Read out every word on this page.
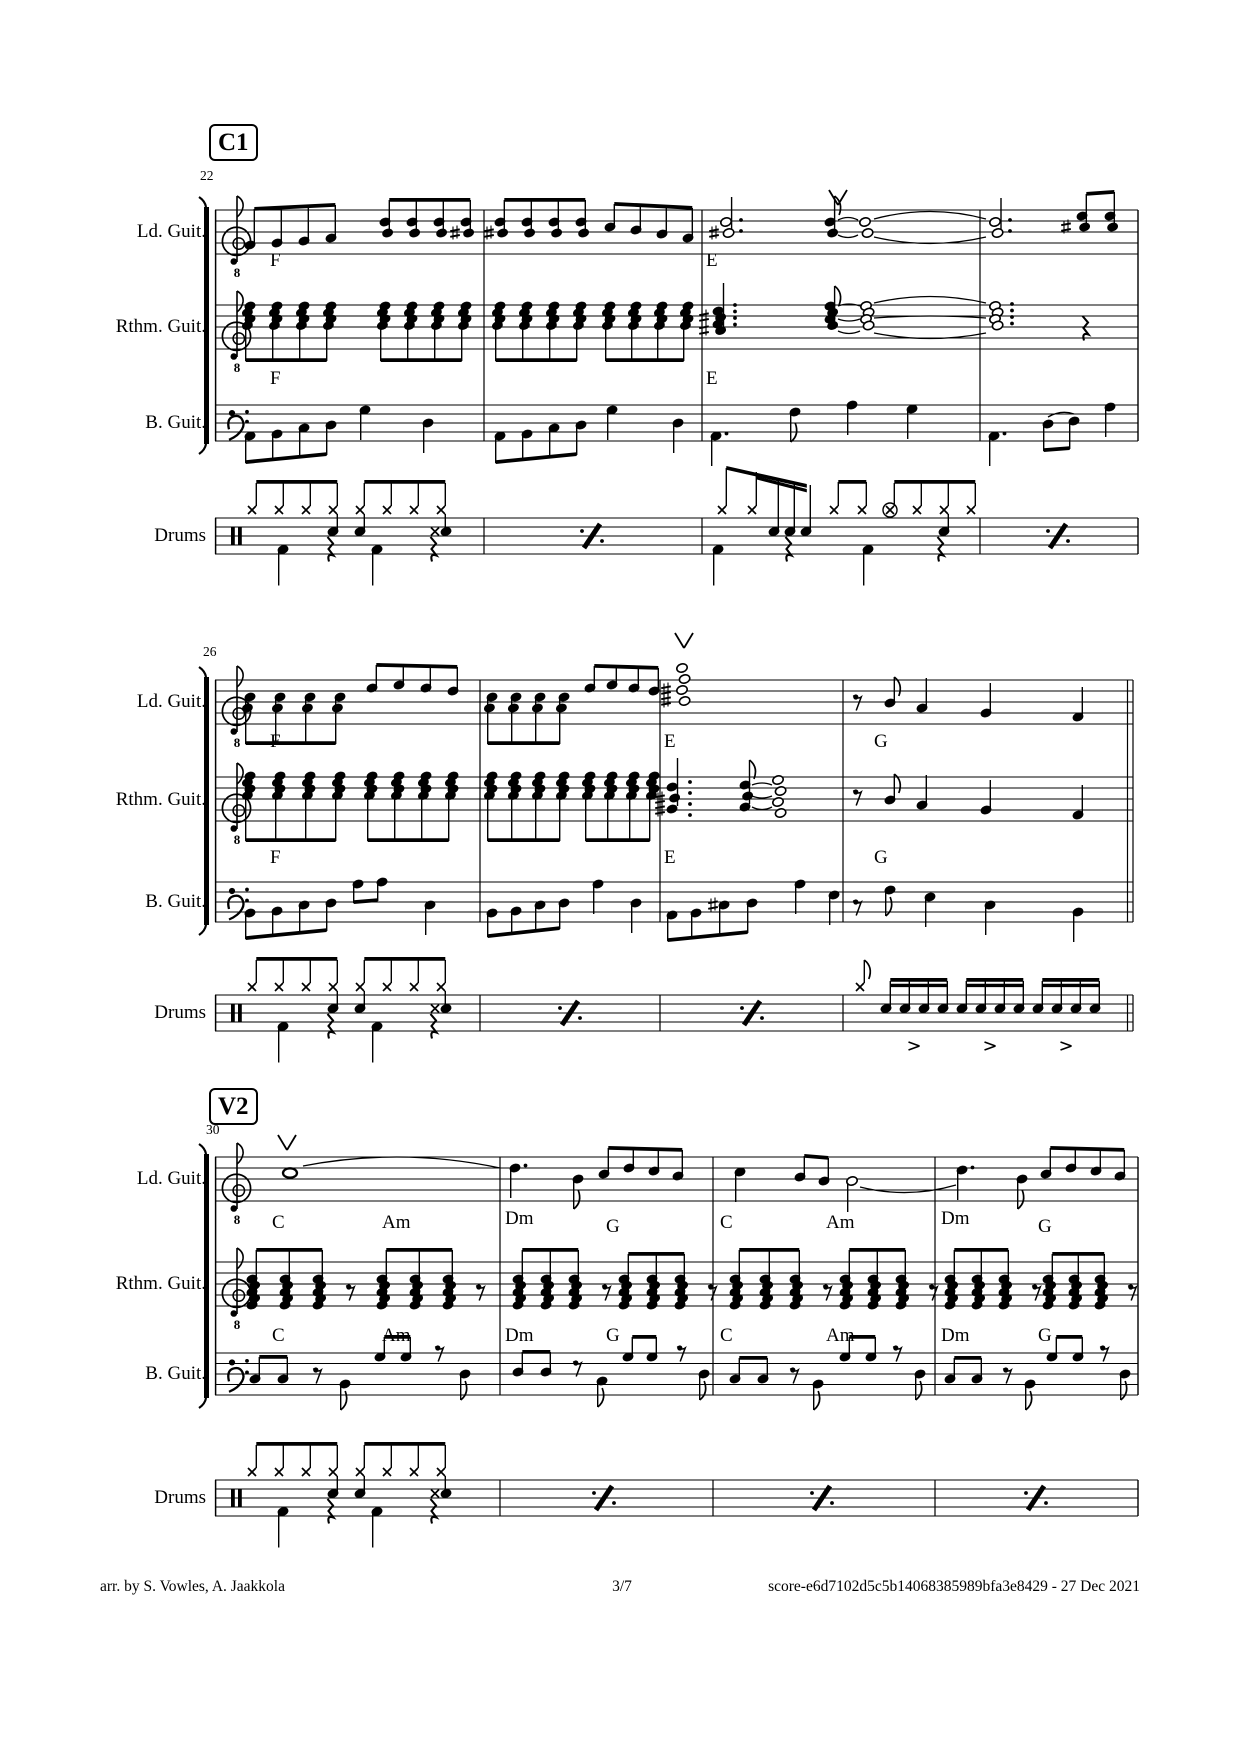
8
8
8
8
8
8
C1
22
Ld. Guit.
Rthm. Guit.
B. Guit.
Drums
F	E
F	E
26
Ld. Guit.
Rthm. Guit.
B. Guit.
Drums
F	E	G
F	E	G
V2
30
Ld. Guit.
Rthm. Guit.
B. Guit.
Drums
C	Am	Dm	G	C	Am	Dm	G
C	Am	Dm	G	C	Am	Dm	G
arr. by S. Vowles, A. Jaakkola	3/7	score-e6d7102d5c5b14068385989bfa3e8429 - 27 Dec 2021
